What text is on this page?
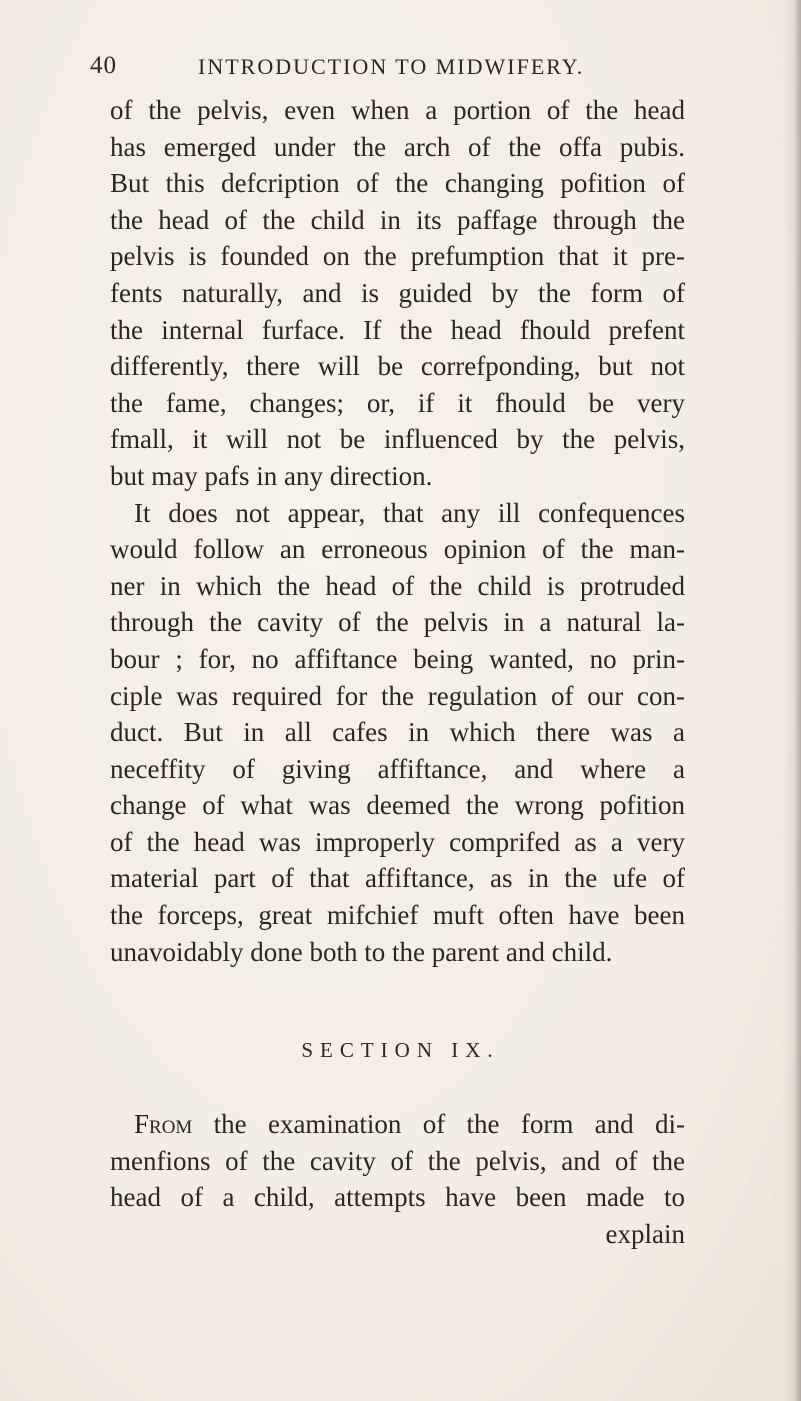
40	INTRODUCTION TO MIDWIFERY.
of the pelvis, even when a portion of the head
has emerged under the arch of the offa pubis.
But this defcription of the changing pofition of
the head of the child in its paffage through the
pelvis is founded on the prefumption that it pre-
fents naturally, and is guided by the form of
the internal furface. If the head fhould prefent
differently, there will be correfponding, but not
the fame, changes; or, if it fhould be very
fmall, it will not be influenced by the pelvis,
but may pafs in any direction.
It does not appear, that any ill confequences
would follow an erroneous opinion of the man-
ner in which the head of the child is protruded
through the cavity of the pelvis in a natural la-
bour ; for, no affiftance being wanted, no prin-
ciple was required for the regulation of our con-
duct. But in all cafes in which there was a
neceffity of giving affiftance, and where a
change of what was deemed the wrong pofition
of the head was improperly comprifed as a very
material part of that affiftance, as in the ufe of
the forceps, great mifchief muft often have been
unavoidably done both to the parent and child.
SECTION IX.
From the examination of the form and di-
menfions of the cavity of the pelvis, and of the
head of a child, attempts have been made to
explain
